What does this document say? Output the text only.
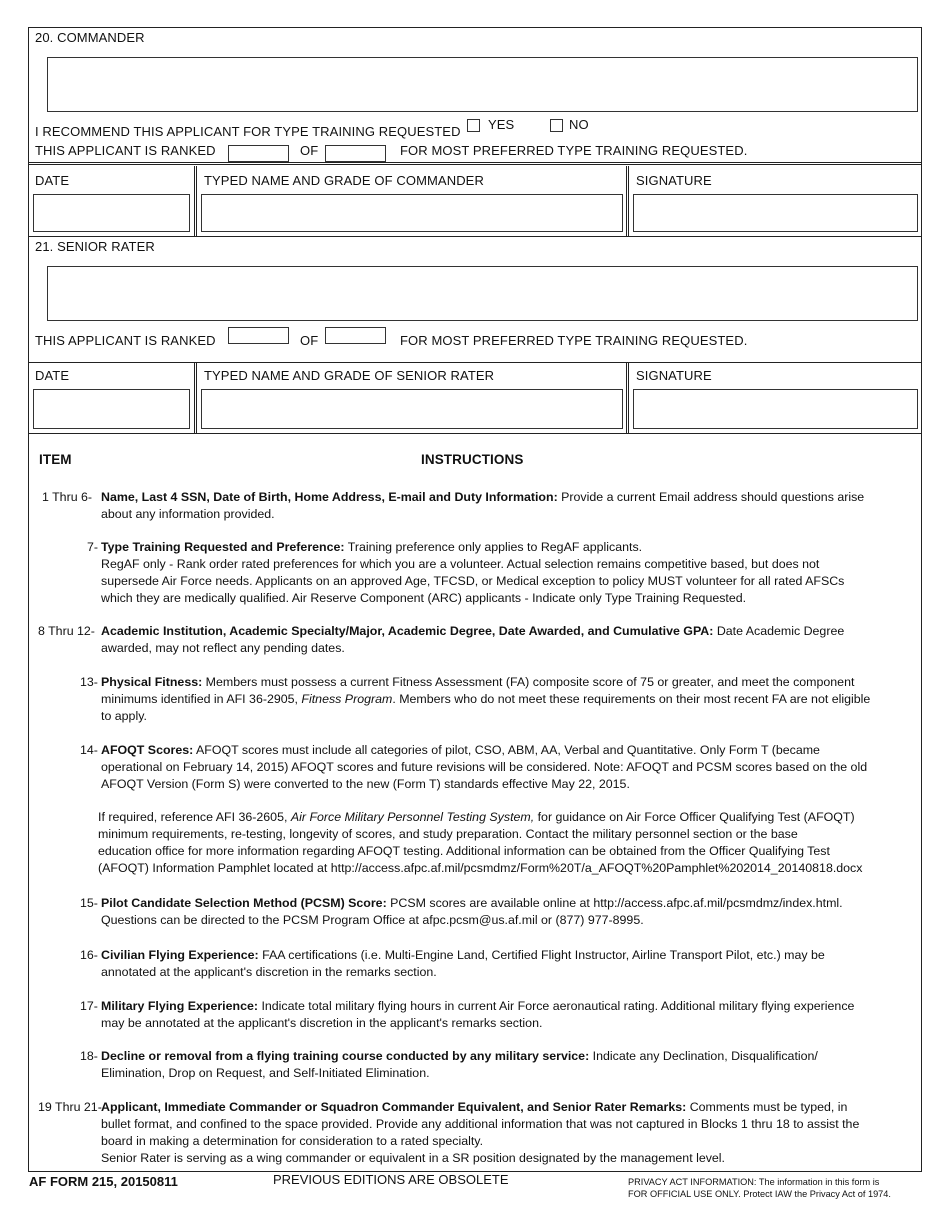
20. COMMANDER
I RECOMMEND THIS APPLICANT FOR TYPE TRAINING REQUESTED YES	NO
THIS APPLICANT IS RANKED	OF	FOR MOST PREFERRED TYPE TRAINING REQUESTED.
DATE	TYPED NAME AND GRADE OF COMMANDER	SIGNATURE
21. SENIOR RATER
THIS APPLICANT IS RANKED	OF	FOR MOST PREFERRED TYPE TRAINING REQUESTED.
DATE	TYPED NAME AND GRADE OF SENIOR RATER	SIGNATURE
ITEM	INSTRUCTIONS
1 Thru 6- Name, Last 4 SSN, Date of Birth, Home Address, E-mail and Duty Information: Provide a current Email address should questions arise
about any information provided.
7- Type Training Requested and Preference: Training preference only applies to RegAF applicants.
RegAF only - Rank order rated preferences for which you are a volunteer. Actual selection remains competitive based, but does not
supersede Air Force needs. Applicants on an approved Age, TFCSD, or Medical exception to policy MUST volunteer for all rated AFSCs
which they are medically qualified. Air Reserve Component (ARC) applicants - Indicate only Type Training Requested.
8 Thru 12- Academic Institution, Academic Specialty/Major, Academic Degree, Date Awarded, and Cumulative GPA: Date Academic Degree
awarded, may not reflect any pending dates.
13- Physical Fitness: Members must possess a current Fitness Assessment (FA) composite score of 75 or greater, and meet the component
minimums identified in AFI 36-2905, Fitness Program. Members who do not meet these requirements on their most recent FA are not eligible
to apply.
14- AFOQT Scores: AFOQT scores must include all categories of pilot, CSO, ABM, AA, Verbal and Quantitative. Only Form T (became
operational on February 14, 2015) AFOQT scores and future revisions will be considered. Note: AFOQT and PCSM scores based on the old
AFOQT Version (Form S) were converted to the new (Form T) standards effective May 22, 2015.
If required, reference AFI 36-2605, Air Force Military Personnel Testing System, for guidance on Air Force Officer Qualifying Test (AFOQT)
minimum requirements, re-testing, longevity of scores, and study preparation. Contact the military personnel section or the base
education office for more information regarding AFOQT testing. Additional information can be obtained from the Officer Qualifying Test
(AFOQT) Information Pamphlet located at http://access.afpc.af.mil/pcsmdmz/Form%20T/a_AFOQT%20Pamphlet%202014_20140818.docx
15- Pilot Candidate Selection Method (PCSM) Score: PCSM scores are available online at http://access.afpc.af.mil/pcsmdmz/index.html.
Questions can be directed to the PCSM Program Office at afpc.pcsm@us.af.mil or (877) 977-8995.
16- Civilian Flying Experience: FAA certifications (i.e. Multi-Engine Land, Certified Flight Instructor, Airline Transport Pilot, etc.) may be
annotated at the applicant's discretion in the remarks section.
17- Military Flying Experience: Indicate total military flying hours in current Air Force aeronautical rating. Additional military flying experience
may be annotated at the applicant's discretion in the applicant's remarks section.
18- Decline or removal from a flying training course conducted by any military service: Indicate any Declination, Disqualification/
Elimination, Drop on Request, and Self-Initiated Elimination.
19 Thru 21- Applicant, Immediate Commander or Squadron Commander Equivalent, and Senior Rater Remarks: Comments must be typed, in
bullet format, and confined to the space provided. Provide any additional information that was not captured in Blocks 1 thru 18 to assist the
board in making a determination for consideration to a rated specialty.
Senior Rater is serving as a wing commander or equivalent in a SR position designated by the management level.
AF FORM 215, 20150811	PREVIOUS EDITIONS ARE OBSOLETE	PRIVACY ACT INFORMATION: The information in this form is
FOR OFFICIAL USE ONLY. Protect IAW the Privacy Act of 1974.
